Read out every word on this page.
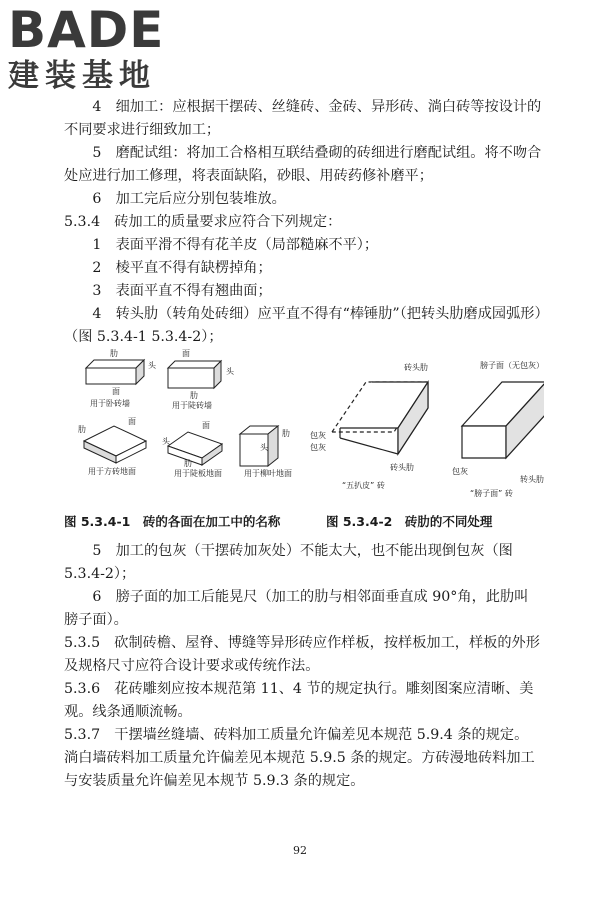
BADE
建装基地

4　细加工：应根据干摆砖、丝缝砖、金砖、异形砖、淌白砖等按设计的不同要求进行细致加工；

5　磨配试组：将加工合格相互联结叠砌的砖细进行磨配试组。将不吻合处应进行加工修理，将表面缺陷，砂眼、用砖药修补磨平；

6　加工完后应分别包装堆放。

5.3.4　砖加工的质量要求应符合下列规定：

1　表面平滑不得有花羊皮（局部糙麻不平）；

2　棱平直不得有缺楞掉角；

3　表面平直不得有翘曲面；

4　转头肋（转角处砖细）应平直不得有“棒锤肋”（把转头肋磨成园弧形）（图 5.3.4-1 5.3.4-2）；

肋
头
面
用于卧砖墙
面
头
肋
用于陡砖墙
面
肋
用于方砖地面
面
头
肋
用于陡板地面
肋
头
用于柳叶地面
砖头肋	膀子面（无包灰）
包灰
包灰
包灰
转头肋
砖头肋
“五扒皮” 砖
“膀子面” 砖
图 5.3.4-1　砖的各面在加工中的名称	图 5.3.4-2　砖肋的不同处理

5　加工的包灰（干摆砖加灰处）不能太大，也不能出现倒包灰（图 5.3.4-2）；

6　膀子面的加工后能晃尺（加工的肋与相邻面垂直成 90°角，此肋叫膀子面）。

5.3.5　砍制砖檐、屋脊、博缝等异形砖应作样板，按样板加工，样板的外形及规格尺寸应符合设计要求或传统作法。

5.3.6　花砖雕刻应按本规范第 11、4 节的规定执行。雕刻图案应清晰、美观。线条通顺流畅。

5.3.7　干摆墙丝缝墙、砖料加工质量允许偏差见本规范 5.9.4 条的规定。淌白墙砖料加工质量允许偏差见本规范 5.9.5 条的规定。方砖漫地砖料加工与安装质量允许偏差见本规节 5.9.3 条的规定。

92
